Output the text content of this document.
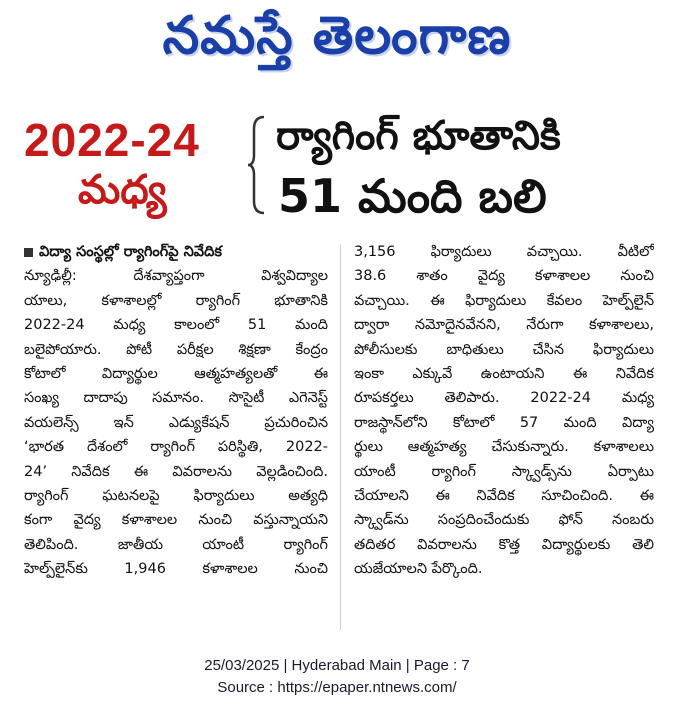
నమస్తే తెలంగాణ
2022-24
మధ్య
ర్యాగింగ్ భూతానికి
51 మంది బలి
విద్యా సంస్థల్లో ర్యాగింగ్‌పై నివేదిక
న్యూఢిల్లీ: దేశవ్యాప్తంగా విశ్వవిద్యాల
యాలు, కళాశాలల్లో ర్యాగింగ్ భూతానికి
2022-24 మధ్య కాలంలో 51 మంది
బలైపోయారు. పోటీ పరీక్షల శిక్షణా కేంద్రం
కోటాలో విద్యార్థుల ఆత్మహత్యలతో ఈ
సంఖ్య దాదాపు సమానం. సొసైటీ ఎగెనెస్ట్
వయలెన్స్ ఇన్ ఎడ్యుకేషన్ ప్రచురించిన
‘భారత దేశంలో ర్యాగింగ్ పరిస్థితి, 2022-
24’ నివేదిక ఈ వివరాలను వెల్లడించింది.
ర్యాగింగ్ ఘటనలపై ఫిర్యాదులు అత్యధి
కంగా వైద్య కళాశాలల నుంచి వస్తున్నాయని
తెలిపింది. జాతీయ యాంటీ ర్యాగింగ్
హెల్ప్‌లైన్‌కు 1,946 కళాశాలల నుంచి
3,156 ఫిర్యాదులు వచ్చాయి. వీటిలో
38.6 శాతం వైద్య కళాశాలల నుంచి
వచ్చాయి. ఈ ఫిర్యాదులు కేవలం హెల్ప్‌లైన్
ద్వారా నమోదైనవేనని, నేరుగా కళాశాలలు,
పోలీసులకు బాధితులు చేసిన ఫిర్యాదులు
ఇంకా ఎక్కువే ఉంటాయని ఈ నివేదిక
రూపకర్తలు తెలిపారు. 2022-24 మధ్య
రాజస్థాన్‌లోని కోటాలో 57 మంది విద్యా
ర్థులు ఆత్మహత్య చేసుకున్నారు. కళాశాలలు
యాంటీ ర్యాగింగ్ స్క్వాడ్స్‌ను ఏర్పాటు
చేయాలని ఈ నివేదిక సూచించింది. ఈ
స్క్వాడ్‌ను సంప్రదించేందుకు ఫోన్ నంబరు
తదితర వివరాలను కొత్త విద్యార్థులకు తెలి
యజేయాలని పేర్కొంది.
25/03/2025 | Hyderabad Main | Page : 7
Source : https://epaper.ntnews.com/
